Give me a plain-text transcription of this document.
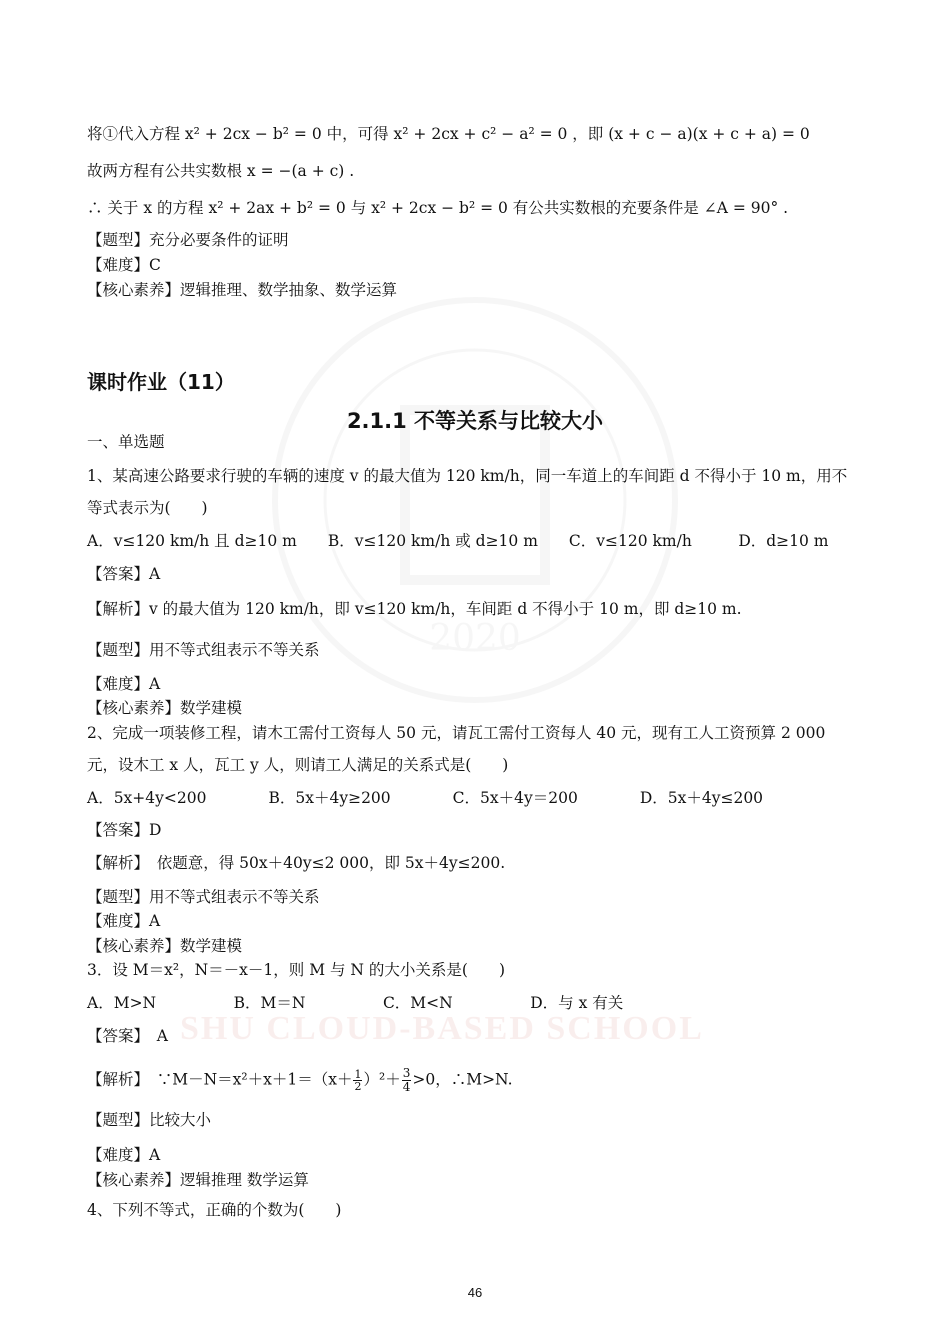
2020
SHU CLOUD-BASED SCHOOL
将①代入方程 x² + 2cx − b² = 0 中，可得 x² + 2cx + c² − a² = 0 ，即 (x + c − a)(x + c + a) = 0
故两方程有公共实数根 x = −(a + c) .
∴ 关于 x 的方程 x² + 2ax + b² = 0 与 x² + 2cx − b² = 0 有公共实数根的充要条件是 ∠A = 90° .
【题型】充分必要条件的证明
【难度】C
【核心素养】逻辑推理、数学抽象、数学运算
课时作业（11）
2.1.1 不等关系与比较大小
一、单选题
1、某高速公路要求行驶的车辆的速度 v 的最大值为 120 km/h，同一车道上的车间距 d 不得小于 10 m，用不
等式表示为(　　)
A．v≤120 km/h 且 d≥10 m　　B．v≤120 km/h 或 d≥10 m　　C．v≤120 km/h　　　D．d≥10 m
【答案】A
【解析】v 的最大值为 120 km/h，即 v≤120 km/h，车间距 d 不得小于 10 m，即 d≥10 m.
【题型】用不等式组表示不等关系
【难度】A
【核心素养】数学建模
2、完成一项装修工程，请木工需付工资每人 50 元，请瓦工需付工资每人 40 元，现有工人工资预算 2 000
元，设木工 x 人，瓦工 y 人，则请工人满足的关系式是(　　)
A．5x+4y<200　　　　B．5x＋4y≥200　　　　C．5x＋4y＝200　　　　D．5x＋4y≤200
【答案】D
【解析】　依题意，得 50x＋40y≤2 000，即 5x＋4y≤200.
【题型】用不等式组表示不等关系
【难度】A
【核心素养】数学建模
3．设 M＝x²，N＝－x－1，则 M 与 N 的大小关系是(　　)
A．M>N　　　　　B．M＝N　　　　　C．M<N　　　　　D．与 x 有关
【答案】　A
【解析】　∵M－N＝x²＋x＋1＝（x＋ $\frac{1}{2} )^2+ \frac{3}{4} >0$，∴M>N.
【题型】比较大小
【难度】A
【核心素养】逻辑推理 数学运算
4、下列不等式，正确的个数为(　　)
46
